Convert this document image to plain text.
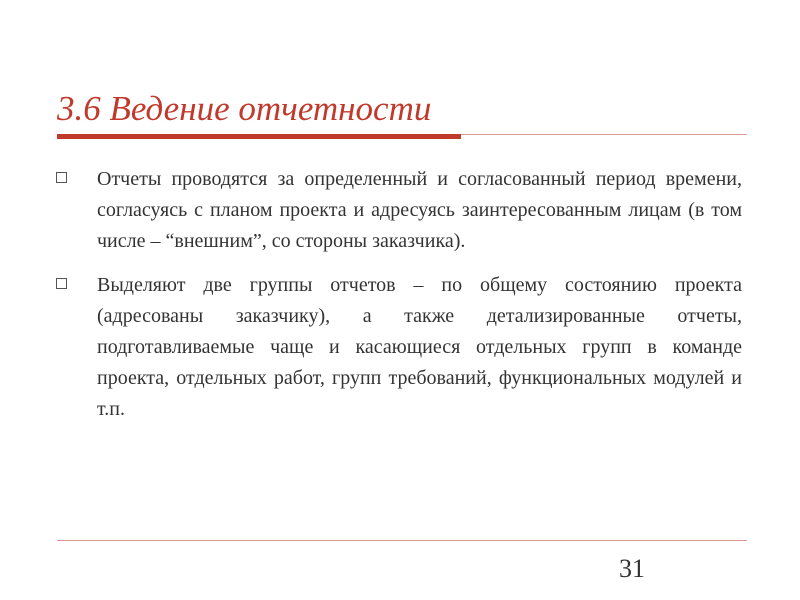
3.6 Ведение отчетности
Отчеты проводятся за определенный и согласованный период времени, согласуясь с планом проекта и адресуясь заинтересованным лицам (в том числе – “внешним”, со стороны заказчика).
Выделяют две группы отчетов – по общему состоянию проекта (адресованы заказчику), а также детализированные отчеты, подготавливаемые чаще и касающиеся отдельных групп в команде проекта, отдельных работ, групп требований, функциональных модулей и т.п.
31
